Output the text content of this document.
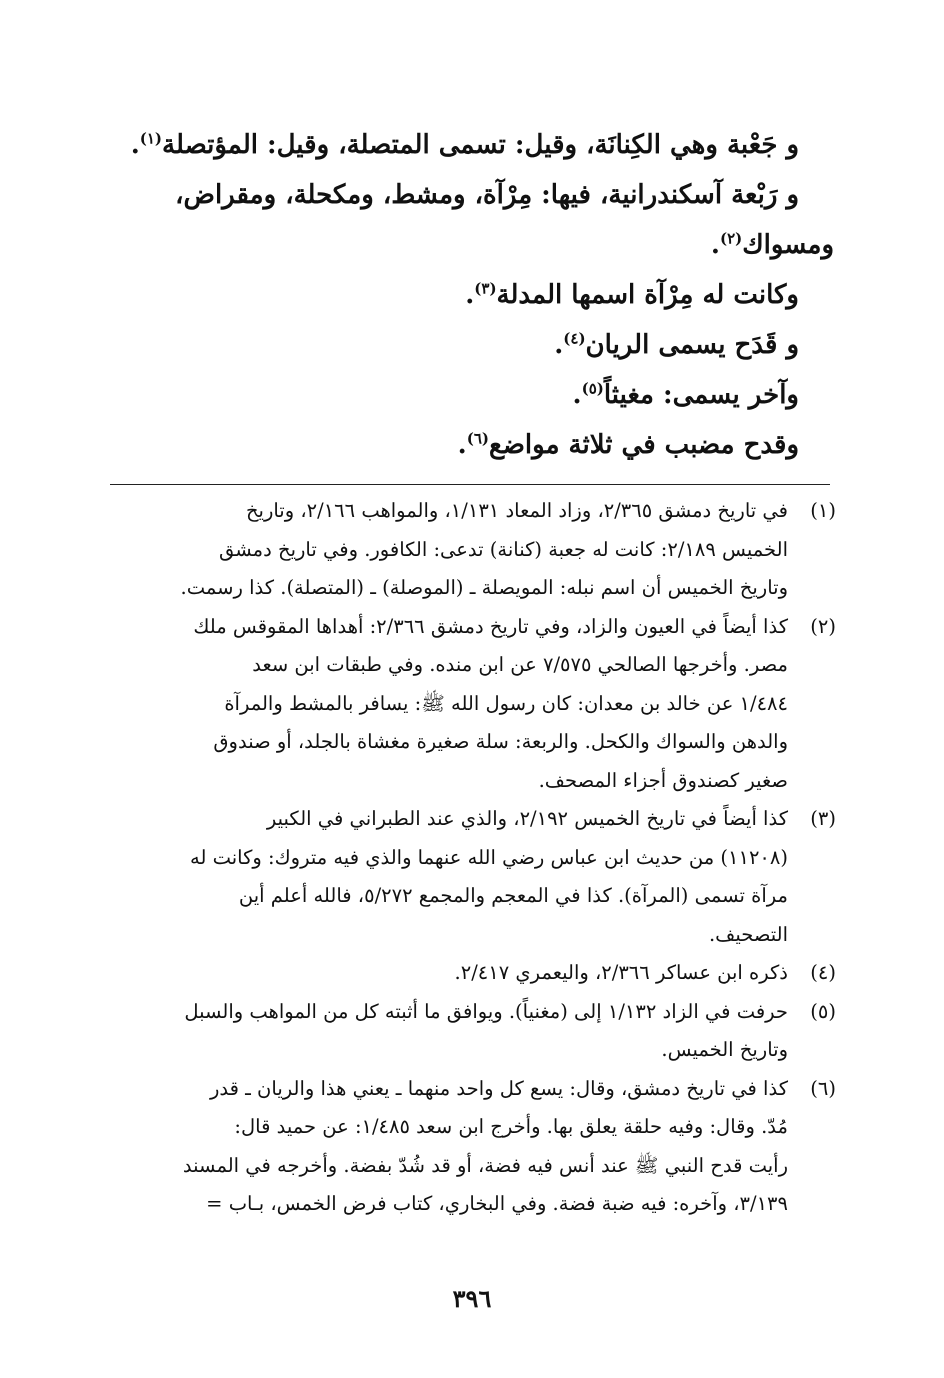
و جَعْبة وهي الكِنانَة، وقيل: تسمى المتصلة، وقيل: المؤتصلة$^{(١)}$.
و رَبْعة آسكندرانية، فيها: مِرْآة، ومشط، ومكحلة، ومقراض،
ومسواك$^{(٢)}$.
وكانت له مِرْآة اسمها المدلة$^{(٣)}$.
و قَدَح يسمى الريان$^{(٤)}$.
وآخر يسمى: مغيثاً$^{(٥)}$.
وقدح مضبب في ثلاثة مواضع$^{(٦)}$.
(١)
في تاريخ دمشق ٢/٣٦٥، وزاد المعاد ١/١٣١، والمواهب ٢/١٦٦، وتاريخ
الخميس ٢/١٨٩: كانت له جعبة (كنانة) تدعى: الكافور. وفي تاريخ دمشق
وتاريخ الخميس أن اسم نبله: المويصلة ـ (الموصلة) ـ (المتصلة). كذا رسمت.
(٢)
كذا أيضاً في العيون والزاد، وفي تاريخ دمشق ٢/٣٦٦: أهداها المقوقس ملك
مصر. وأخرجها الصالحي ٧/٥٧٥ عن ابن منده. وفي طبقات ابن سعد
١/٤٨٤ عن خالد بن معدان: كان رسول الله ﷺ: يسافر بالمشط والمرآة
والدهن والسواك والكحل. والربعة: سلة صغيرة مغشاة بالجلد، أو صندوق
صغير كصندوق أجزاء المصحف.
(٣)
كذا أيضاً في تاريخ الخميس ٢/١٩٢، والذي عند الطبراني في الكبير
(١١٢٠٨) من حديث ابن عباس رضي الله عنهما والذي فيه متروك: وكانت له
مرآة تسمى (المرآة). كذا في المعجم والمجمع ٥/٢٧٢، فالله أعلم أين
التصحيف.
(٤)
ذكره ابن عساكر ٢/٣٦٦، واليعمري ٢/٤١٧.
(٥)
حرفت في الزاد ١/١٣٢ إلى (مغنياً). ويوافق ما أثبته كل من المواهب والسبل
وتاريخ الخميس.
(٦)
كذا في تاريخ دمشق، وقال: يسع كل واحد منهما ـ يعني هذا والريان ـ قدر
مُدّ. وقال: وفيه حلقة يعلق بها. وأخرج ابن سعد ١/٤٨٥: عن حميد قال:
رأيت قدح النبي ﷺ عند أنس فيه فضة، أو قد شُدّ بفضة. وأخرجه في المسند
٣/١٣٩، وآخره: فيه ضبة فضة. وفي البخاري، كتاب فرض الخمس، بـاب =
٣٩٦
